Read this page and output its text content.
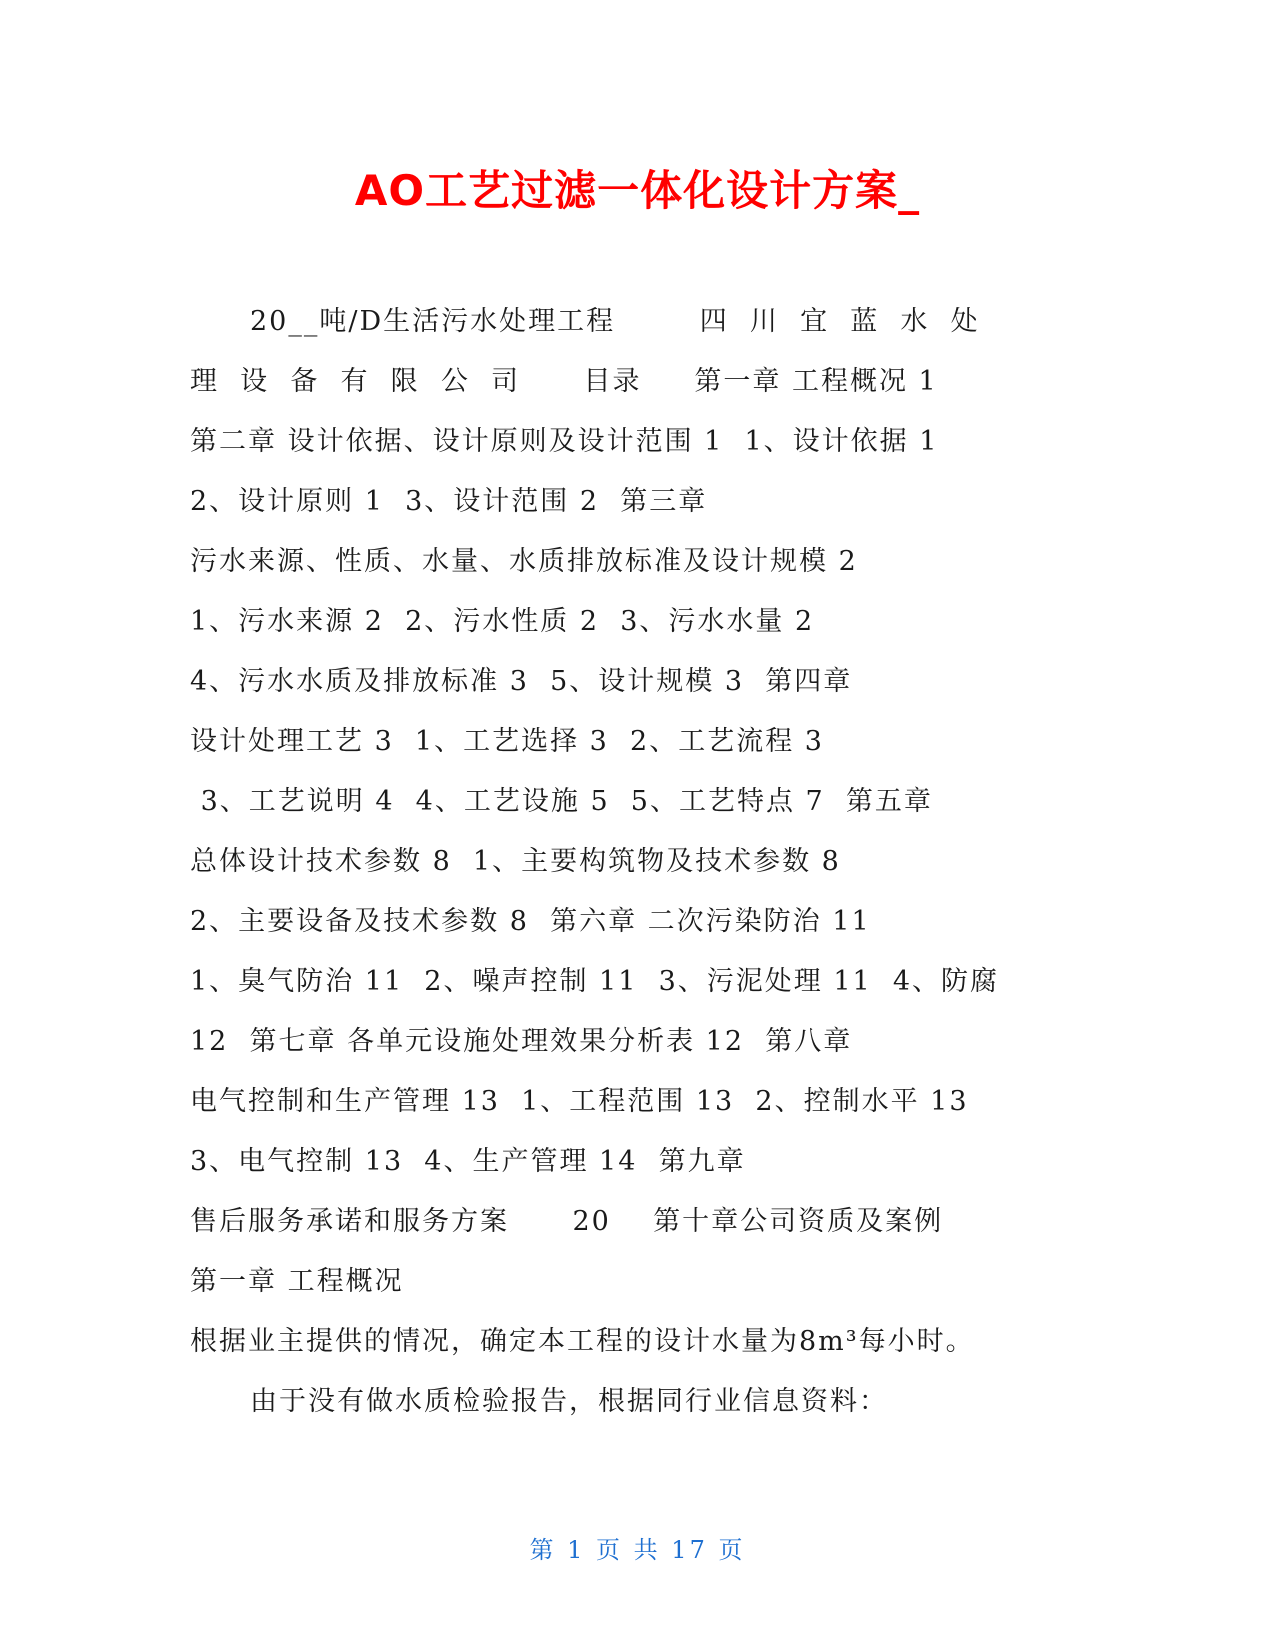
AO工艺过滤一体化设计方案_
20__吨/D生活污水处理工程        四  川  宜  蓝  水  处
理  设  备  有  限  公  司      目录     第一章 工程概况 1
第二章 设计依据、设计原则及设计范围 1  1、设计依据 1
2、设计原则 1  3、设计范围 2  第三章
污水来源、性质、水量、水质排放标准及设计规模 2
1、污水来源 2  2、污水性质 2  3、污水水量 2
4、污水水质及排放标准 3  5、设计规模 3  第四章
设计处理工艺 3  1、工艺选择 3  2、工艺流程 3
3、工艺说明 4  4、工艺设施 5  5、工艺特点 7  第五章
总体设计技术参数 8  1、主要构筑物及技术参数 8
2、主要设备及技术参数 8  第六章 二次污染防治 11
1、臭气防治 11  2、噪声控制 11  3、污泥处理 11  4、防腐
12  第七章 各单元设施处理效果分析表 12  第八章
电气控制和生产管理 13  1、工程范围 13  2、控制水平 13
3、电气控制 13  4、生产管理 14  第九章
售后服务承诺和服务方案      20    第十章公司资质及案例
第一章 工程概况
根据业主提供的情况，确定本工程的设计水量为8m³每小时。
由于没有做水质检验报告，根据同行业信息资料：
第 1 页 共 17 页
